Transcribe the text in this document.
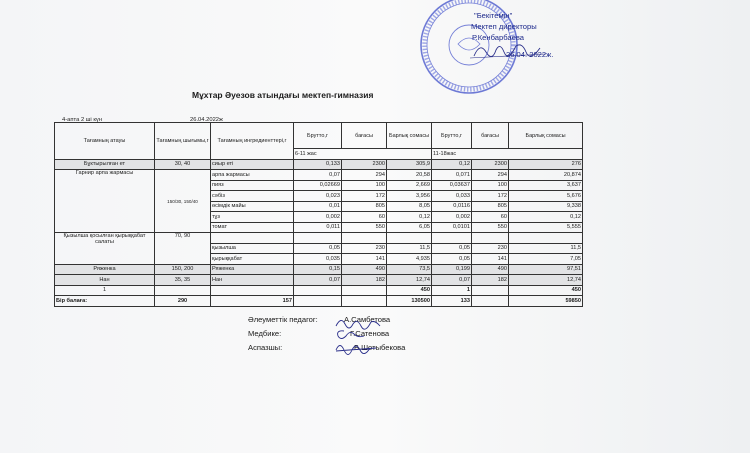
"Бекітемін"
Мектеп директоры
Р.Кенбарбаева
26.04. 2022ж.
Мұхтар Әуезов атындағы мектеп-гимназия
4-апта 2 ші күн	26.04.2022ж
Тағамның атауы	Тағамның шығымы,г	Тағамның ингредиенттері,г	Брутто,г	бағасы	Барлық сомасы	Брутто,г	бағасы	Барлық сомасы
			6-11 жас			11-18жас		
Бұктырылған ет	30, 40	сиыр еті	0,133	2300	305,9	0,12	2300	276
Гарнир арпа жармасы	150/30, 150/40	арпа жармасы	0,07	294	20,58	0,071	294	20,874
		пияз	0,02669	100	2,669	0,03637	100	3,637
		сәбіз	0,023	172	3,956	0,033	172	5,676
		өсімдік майы	0,01	805	8,05	0,0116	805	9,338
		тұз	0,002	60	0,12	0,002	60	0,12
		томат	0,011	550	6,05	0,0101	550	5,555
Қызылша қосылған қырыққабат салаты	70, 90							
		қызылша	0,05	230	11,5	0,05	230	11,5
		қырыққабат	0,035	141	4,935	0,05	141	7,05
Ряженка	150, 200	Ряженка	0,15	490	73,5	0,199	490	97,51
Нан	35, 35	Нан	0,07	182	12,74	0,07	182	12,74
1					450	1		450
Бір балаға:	290	157			130500	133		59850
Әлеуметтік педагог:	А.Самбетова
Медбике:	Г.Сатенова
Аспазшы:	Б.Шотыбекова
